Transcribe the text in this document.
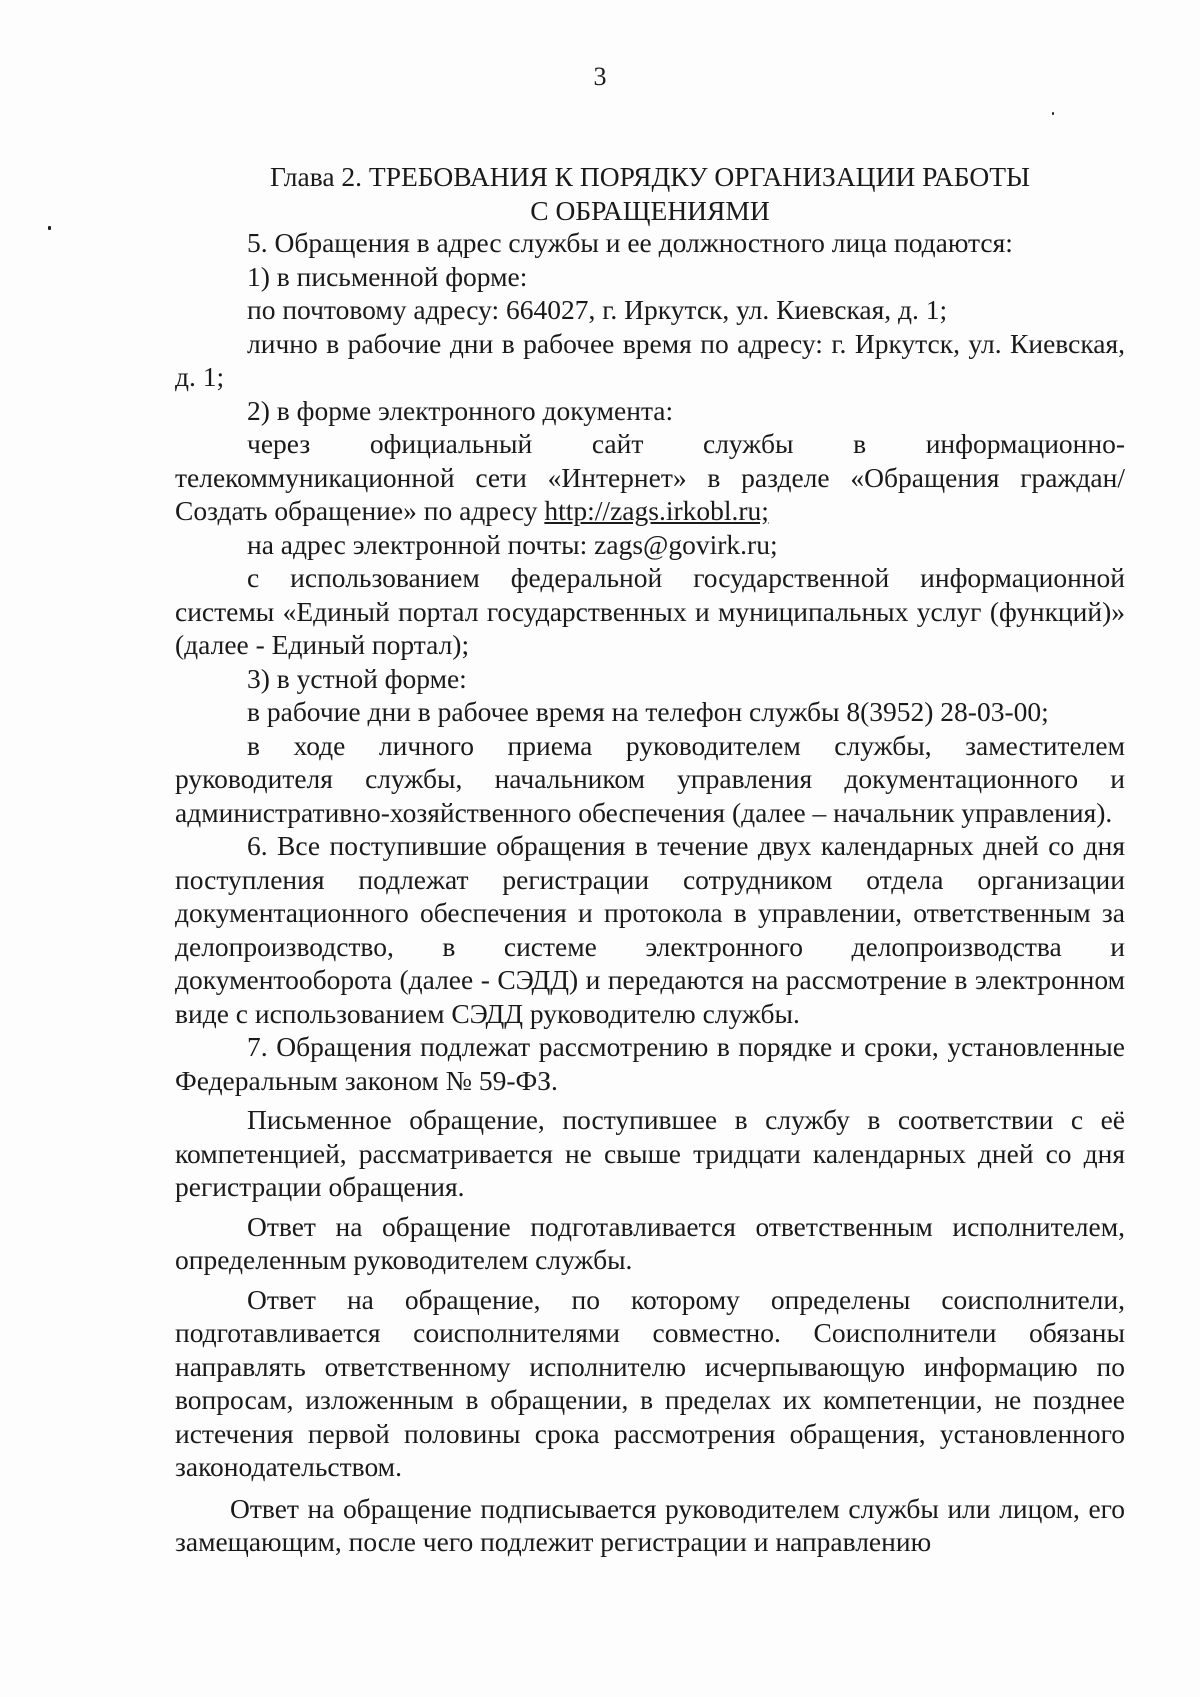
3
Глава 2. ТРЕБОВАНИЯ К ПОРЯДКУ ОРГАНИЗАЦИИ РАБОТЫ
С ОБРАЩЕНИЯМИ

5. Обращения в адрес службы и ее должностного лица подаются:

1) в письменной форме:

по почтовому адресу: 664027, г. Иркутск, ул. Киевская, д. 1;

лично в рабочие дни в рабочее время по адресу: г. Иркутск, ул. Киевская, д. 1;

2) в форме электронного документа:

через официальный сайт службы в информационно-телекоммуникационной сети «Интернет» в разделе «Обращения граждан/Создать обращение» по адресу http://zags.irkobl.ru;

на адрес электронной почты: zags@govirk.ru;

с использованием федеральной государственной информационной системы «Единый портал государственных и муниципальных услуг (функций)» (далее - Единый портал);

3) в устной форме:

в рабочие дни в рабочее время на телефон службы 8(3952) 28-03-00;

в ходе личного приема руководителем службы, заместителем руководителя службы, начальником управления документационного и административно-хозяйственного обеспечения (далее – начальник управления).

6. Все поступившие обращения в течение двух календарных дней со дня поступления подлежат регистрации сотрудником отдела организации документационного обеспечения и протокола в управлении, ответственным за делопроизводство, в системе электронного делопроизводства и документооборота (далее - СЭДД) и передаются на рассмотрение в электронном виде с использованием СЭДД руководителю службы.

7. Обращения подлежат рассмотрению в порядке и сроки, установленные Федеральным законом № 59-ФЗ.

Письменное обращение, поступившее в службу в соответствии с её компетенцией, рассматривается не свыше тридцати календарных дней со дня регистрации обращения.

Ответ на обращение подготавливается ответственным исполнителем, определенным руководителем службы.

Ответ на обращение, по которому определены соисполнители, подготавливается соисполнителями совместно. Соисполнители обязаны направлять ответственному исполнителю исчерпывающую информацию по вопросам, изложенным в обращении, в пределах их компетенции, не позднее истечения первой половины срока рассмотрения обращения, установленного законодательством.

Ответ на обращение подписывается руководителем службы или лицом, его замещающим, после чего подлежит регистрации и направлению
